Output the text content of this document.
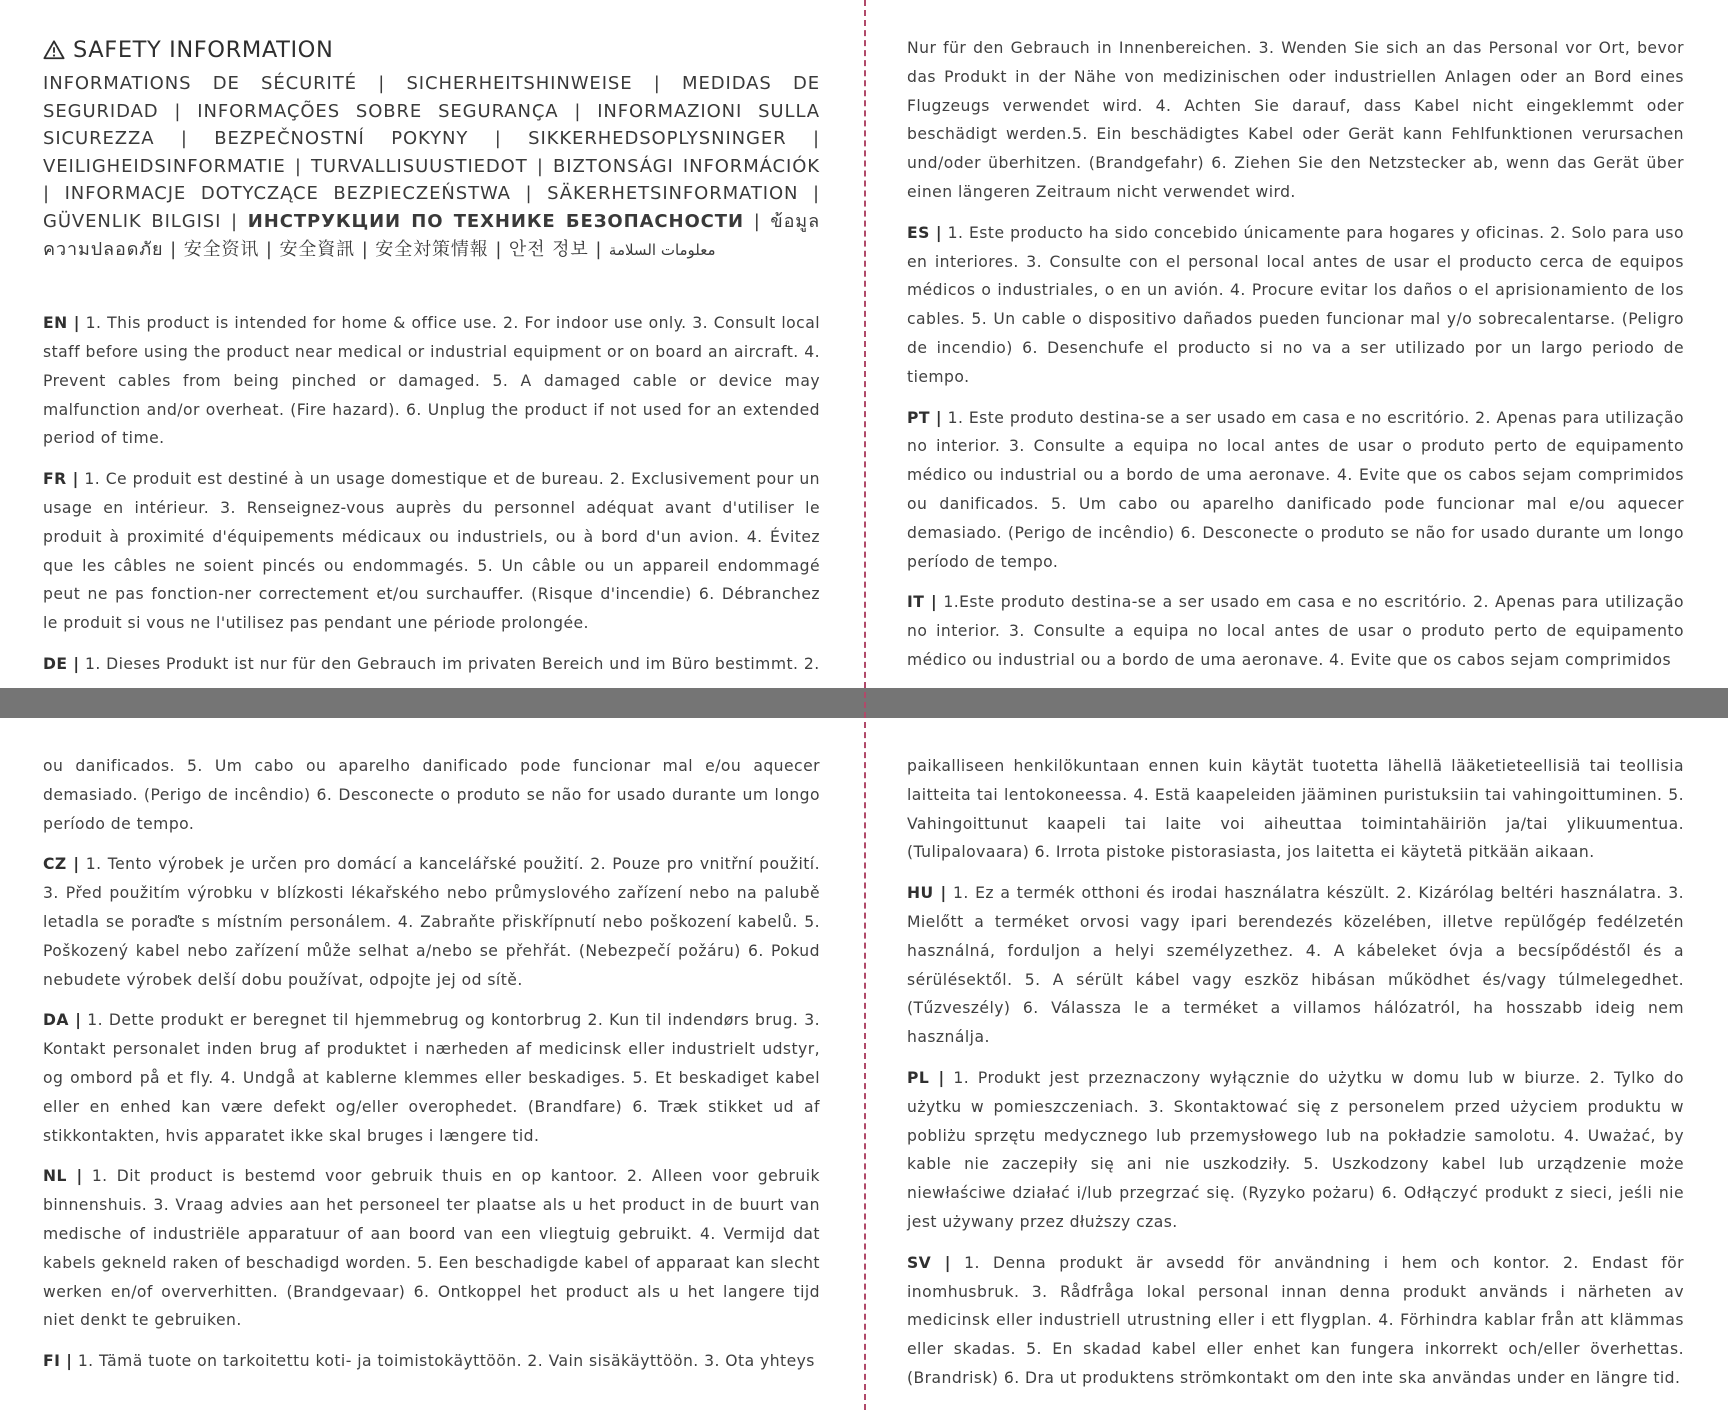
SAFETY INFORMATION
INFORMATIONS DE SÉCURITÉ | SICHERHEITSHINWEISE | MEDIDAS DE SEGURIDAD | INFORMAÇÕES SOBRE SEGURANÇA | INFORMAZIONI SULLA SICUREZZA | BEZPEČNOSTNÍ POKYNY | SIKKERHEDSOPLYSNINGER | VEILIGHEIDSINFORMATIE | TURVALLISUUSTIEDOT | BIZTONSÁGI INFORMÁCIÓK | INFORMACJE DOTYCZĄCE BEZPIECZEŃSTWA | SÄKERHETSINFORMATION | GÜVENLIK BILGISI | ИНСТРУКЦИИ ПО ТЕХНИКЕ БЕЗОПАСНОСТИ | ข้อมูลความปลอดภัย | 安全资讯 | 安全資訊 | 安全対策情報 | 안전 정보 | معلومات السلامة

EN | 1. This product is intended for home & office use. 2. For indoor use only. 3. Consult local staff before using the product near medical or industrial equipment or on board an aircraft. 4. Prevent cables from being pinched or damaged. 5. A damaged cable or device may malfunction and/or overheat. (Fire hazard). 6. Unplug the product if not used for an extended period of time.

FR | 1. Ce produit est destiné à un usage domestique et de bureau. 2. Exclusivement pour un usage en intérieur. 3. Renseignez-vous auprès du personnel adéquat avant d'utiliser le produit à proximité d'équipements médicaux ou industriels, ou à bord d'un avion. 4. Évitez que les câbles ne soient pincés ou endommagés. 5. Un câble ou un appareil endommagé peut ne pas fonction-ner correctement et/ou surchauffer. (Risque d'incendie) 6. Débranchez le produit si vous ne l'utilisez pas pendant une période prolongée.

DE | 1. Dieses Produkt ist nur für den Gebrauch im privaten Bereich und im Büro bestimmt. 2.

Nur für den Gebrauch in Innenbereichen. 3. Wenden Sie sich an das Personal vor Ort, bevor das Produkt in der Nähe von medizinischen oder industriellen Anlagen oder an Bord eines Flugzeugs verwendet wird. 4. Achten Sie darauf, dass Kabel nicht eingeklemmt oder beschädigt werden.5. Ein beschädigtes Kabel oder Gerät kann Fehlfunktionen verursachen und/oder überhitzen. (Brandgefahr) 6. Ziehen Sie den Netzstecker ab, wenn das Gerät über einen längeren Zeitraum nicht verwendet wird.

ES | 1. Este producto ha sido concebido únicamente para hogares y oficinas. 2. Solo para uso en interiores. 3. Consulte con el personal local antes de usar el producto cerca de equipos médicos o industriales, o en un avión. 4. Procure evitar los daños o el aprisionamiento de los cables. 5. Un cable o dispositivo dañados pueden funcionar mal y/o sobrecalentarse. (Peligro de incendio) 6. Desenchufe el producto si no va a ser utilizado por un largo periodo de tiempo.

PT | 1. Este produto destina-se a ser usado em casa e no escritório. 2. Apenas para utilização no interior. 3. Consulte a equipa no local antes de usar o produto perto de equipamento médico ou industrial ou a bordo de uma aeronave. 4. Evite que os cabos sejam comprimidos ou danificados. 5. Um cabo ou aparelho danificado pode funcionar mal e/ou aquecer demasiado. (Perigo de incêndio) 6. Desconecte o produto se não for usado durante um longo período de tempo.

IT | 1.Este produto destina-se a ser usado em casa e no escritório. 2. Apenas para utilização no interior. 3. Consulte a equipa no local antes de usar o produto perto de equipamento médico ou industrial ou a bordo de uma aeronave. 4. Evite que os cabos sejam comprimidos

ou danificados. 5. Um cabo ou aparelho danificado pode funcionar mal e/ou aquecer demasiado. (Perigo de incêndio) 6. Desconecte o produto se não for usado durante um longo período de tempo.

CZ | 1. Tento výrobek je určen pro domácí a kancelářské použití. 2. Pouze pro vnitřní použití. 3. Před použitím výrobku v blízkosti lékařského nebo průmyslového zařízení nebo na palubě letadla se poraďte s místním personálem. 4. Zabraňte přiskřípnutí nebo poškození kabelů. 5. Poškozený kabel nebo zařízení může selhat a/nebo se přehřát. (Nebezpečí požáru) 6. Pokud nebudete výrobek delší dobu používat, odpojte jej od sítě.

DA | 1. Dette produkt er beregnet til hjemmebrug og kontorbrug 2. Kun til indendørs brug. 3. Kontakt personalet inden brug af produktet i nærheden af medicinsk eller industrielt udstyr, og ombord på et fly. 4. Undgå at kablerne klemmes eller beskadiges. 5. Et beskadiget kabel eller en enhed kan være defekt og/eller overophedet. (Brandfare) 6. Træk stikket ud af stikkontakten, hvis apparatet ikke skal bruges i længere tid.

NL | 1. Dit product is bestemd voor gebruik thuis en op kantoor. 2. Alleen voor gebruik binnenshuis. 3. Vraag advies aan het personeel ter plaatse als u het product in de buurt van medische of industriële apparatuur of aan boord van een vliegtuig gebruikt. 4. Vermijd dat kabels gekneld raken of beschadigd worden. 5. Een beschadigde kabel of apparaat kan slecht werken en/of oververhitten. (Brandgevaar) 6. Ontkoppel het product als u het langere tijd niet denkt te gebruiken.

FI | 1. Tämä tuote on tarkoitettu koti- ja toimistokäyttöön. 2. Vain sisäkäyttöön. 3. Ota yhteys

paikalliseen henkilökuntaan ennen kuin käytät tuotetta lähellä lääketieteellisiä tai teollisia laitteita tai lentokoneessa. 4. Estä kaapeleiden jääminen puristuksiin tai vahingoittuminen. 5. Vahingoittunut kaapeli tai laite voi aiheuttaa toimintahäiriön ja/tai ylikuumentua. (Tulipalovaara) 6. Irrota pistoke pistorasiasta, jos laitetta ei käytetä pitkään aikaan.

HU | 1. Ez a termék otthoni és irodai használatra készült. 2. Kizárólag beltéri használatra. 3. Mielőtt a terméket orvosi vagy ipari berendezés közelében, illetve repülőgép fedélzetén használná, forduljon a helyi személyzethez. 4. A kábeleket óvja a becsípődéstől és a sérülésektől. 5. A sérült kábel vagy eszköz hibásan működhet és/vagy túlmelegedhet. (Tűzveszély) 6. Válassza le a terméket a villamos hálózatról, ha hosszabb ideig nem használja.

PL | 1. Produkt jest przeznaczony wyłącznie do użytku w domu lub w biurze. 2. Tylko do użytku w pomieszczeniach. 3. Skontaktować się z personelem przed użyciem produktu w pobliżu sprzętu medycznego lub przemysłowego lub na pokładzie samolotu. 4. Uważać, by kable nie zaczepiły się ani nie uszkodziły. 5. Uszkodzony kabel lub urządzenie może niewłaściwe działać i/lub przegrzać się. (Ryzyko pożaru) 6. Odłączyć produkt z sieci, jeśli nie jest używany przez dłuższy czas.

SV | 1. Denna produkt är avsedd för användning i hem och kontor. 2. Endast för inomhusbruk. 3. Rådfråga lokal personal innan denna produkt används i närheten av medicinsk eller industriell utrustning eller i ett flygplan. 4. Förhindra kablar från att klämmas eller skadas. 5. En skadad kabel eller enhet kan fungera inkorrekt och/eller överhettas. (Brandrisk) 6. Dra ut produktens strömkontakt om den inte ska användas under en längre tid.
